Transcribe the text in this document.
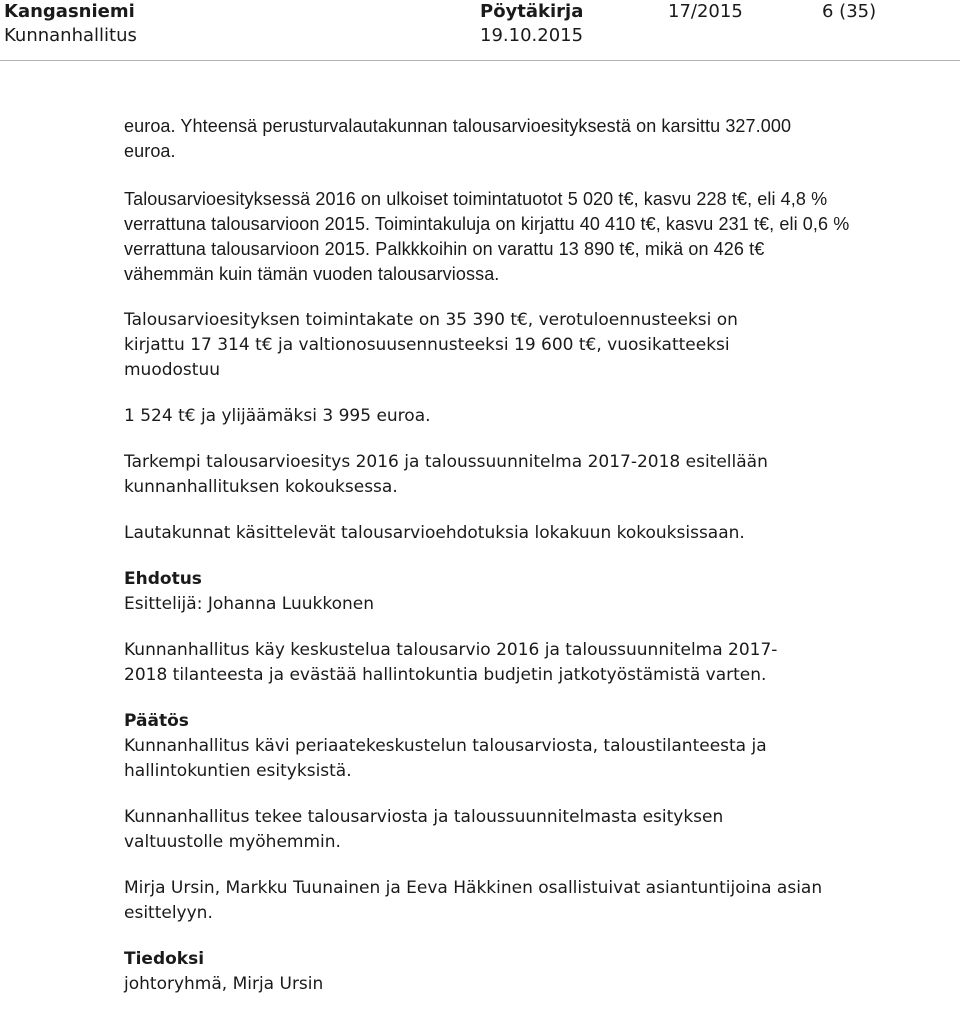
Kangasniemi
Kunnanhallitus
Pöytäkirja
19.10.2015
17/2015	6 (35)

euroa. Yhteensä perusturvalautakunnan talousarvioesityksestä on karsittu 327.000 euroa.

Talousarvioesityksessä 2016 on ulkoiset toimintatuotot 5 020 t€, kasvu 228 t€, eli 4,8 % verrattuna talousarvioon 2015. Toimintakuluja on kirjattu 40 410 t€, kasvu 231 t€, eli 0,6 % verrattuna talousarvioon 2015. Palkkkoihin on varattu 13 890 t€, mikä on 426 t€ vähemmän kuin tämän vuoden talousarviossa.

Talousarvioesityksen toimintakate on 35 390 t€, verotuloennusteeksi on kirjattu 17 314 t€ ja valtionosuusennusteeksi 19 600 t€, vuosikatteeksi muodostuu

1 524 t€ ja ylijäämäksi 3 995 euroa.

Tarkempi talousarvioesitys 2016 ja taloussuunnitelma 2017-2018 esitellään kunnanhallituksen kokouksessa.

Lautakunnat käsittelevät talousarvioehdotuksia lokakuun kokouksissaan.

Ehdotus

Esittelijä: Johanna Luukkonen

Kunnanhallitus käy keskustelua talousarvio 2016 ja taloussuunnitelma 2017-2018 tilanteesta ja evästää hallintokuntia budjetin jatkotyöstämistä varten.

Päätös

Kunnanhallitus kävi periaatekeskustelun talousarviosta, taloustilanteesta ja hallintokuntien esityksistä.

Kunnanhallitus tekee talousarviosta ja taloussuunnitelmasta esityksen valtuustolle myöhemmin.

Mirja Ursin, Markku Tuunainen ja Eeva Häkkinen osallistuivat asiantuntijoina asian esittelyyn.

Tiedoksi

johtoryhmä, Mirja Ursin
